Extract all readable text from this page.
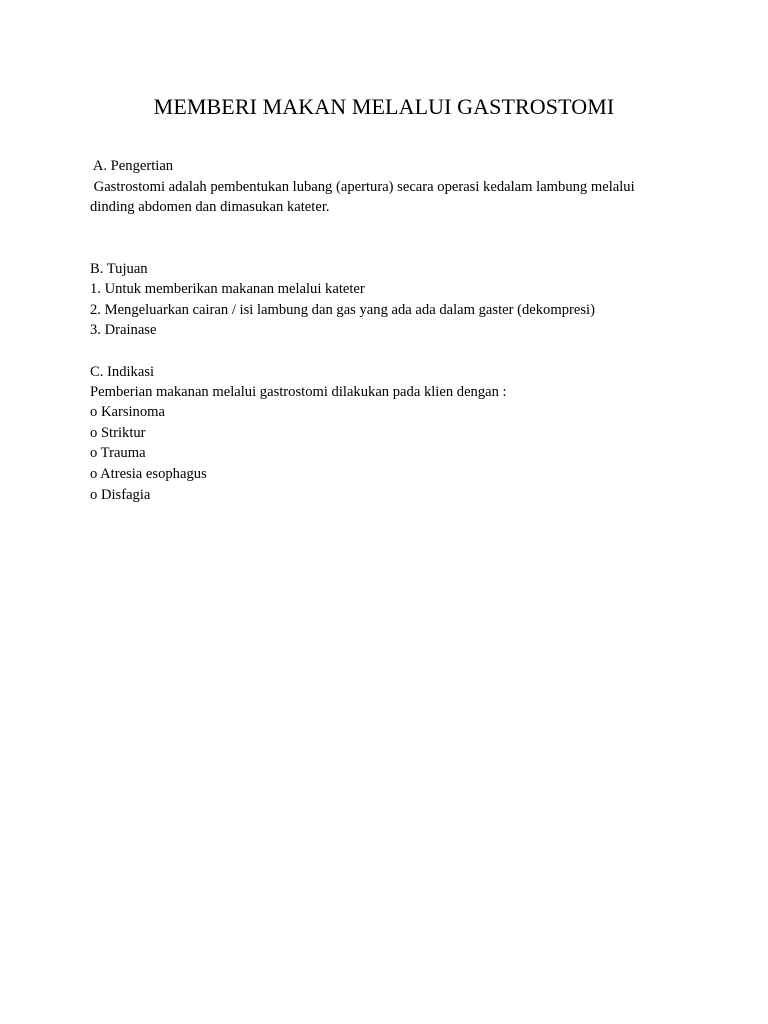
MEMBERI MAKAN MELALUI GASTROSTOMI
A. Pengertian
Gastrostomi adalah pembentukan lubang (apertura) secara operasi kedalam lambung melalui
dinding abdomen dan dimasukan kateter.
B. Tujuan
1. Untuk memberikan makanan melalui kateter
2. Mengeluarkan cairan / isi lambung dan gas yang ada ada dalam gaster (dekompresi)
3. Drainase
C. Indikasi
Pemberian makanan melalui gastrostomi dilakukan pada klien dengan :
o Karsinoma
o Striktur
o Trauma
o Atresia esophagus
o Disfagia
